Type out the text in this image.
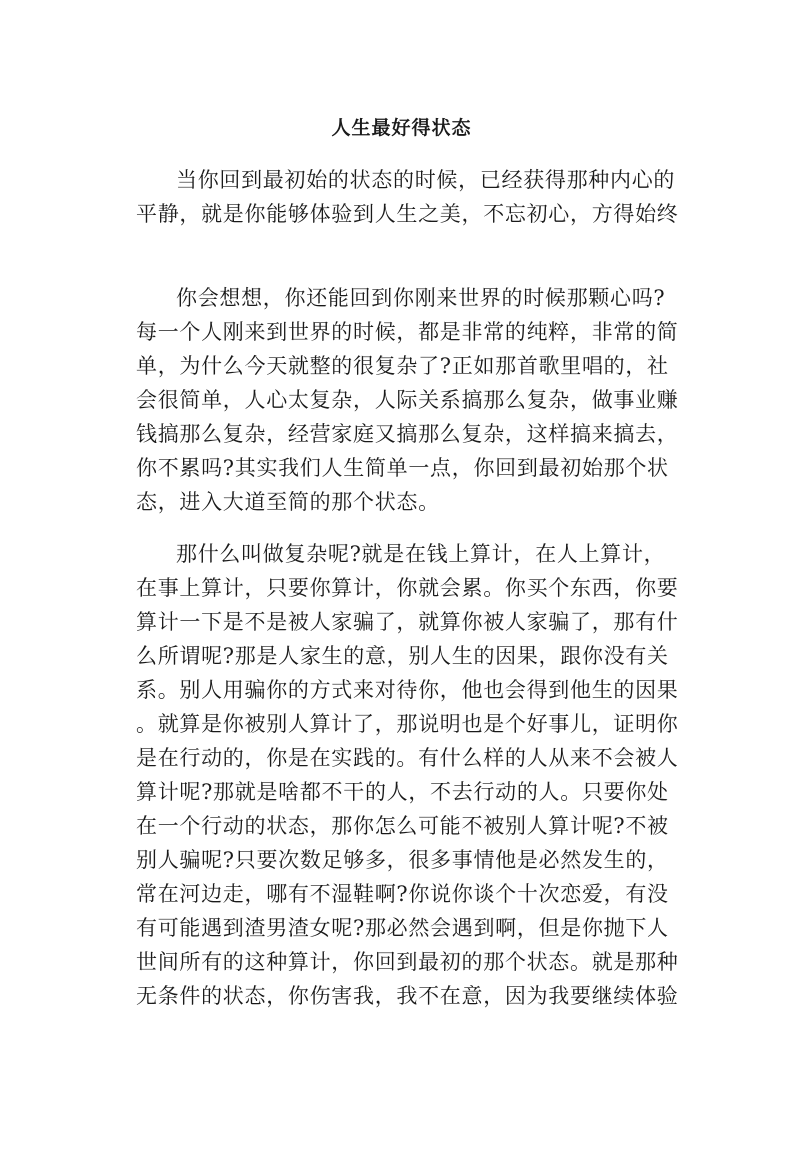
人生最好得状态
当你回到最初始的状态的时候，已经获得那种内心的
平静，就是你能够体验到人生之美，不忘初心，方得始终
你会想想，你还能回到你刚来世界的时候那颗心吗?
每一个人刚来到世界的时候，都是非常的纯粹，非常的简
单，为什么今天就整的很复杂了?正如那首歌里唱的，社
会很简单，人心太复杂，人际关系搞那么复杂，做事业赚
钱搞那么复杂，经营家庭又搞那么复杂，这样搞来搞去，
你不累吗?其实我们人生简单一点，你回到最初始那个状
态，进入大道至简的那个状态。
那什么叫做复杂呢?就是在钱上算计，在人上算计，
在事上算计，只要你算计，你就会累。你买个东西，你要
算计一下是不是被人家骗了，就算你被人家骗了，那有什
么所谓呢?那是人家生的意，别人生的因果，跟你没有关
系。别人用骗你的方式来对待你，他也会得到他生的因果
。就算是你被别人算计了，那说明也是个好事儿，证明你
是在行动的，你是在实践的。有什么样的人从来不会被人
算计呢?那就是啥都不干的人，不去行动的人。只要你处
在一个行动的状态，那你怎么可能不被别人算计呢?不被
别人骗呢?只要次数足够多，很多事情他是必然发生的，
常在河边走，哪有不湿鞋啊?你说你谈个十次恋爱，有没
有可能遇到渣男渣女呢?那必然会遇到啊，但是你抛下人
世间所有的这种算计，你回到最初的那个状态。就是那种
无条件的状态，你伤害我，我不在意，因为我要继续体验
